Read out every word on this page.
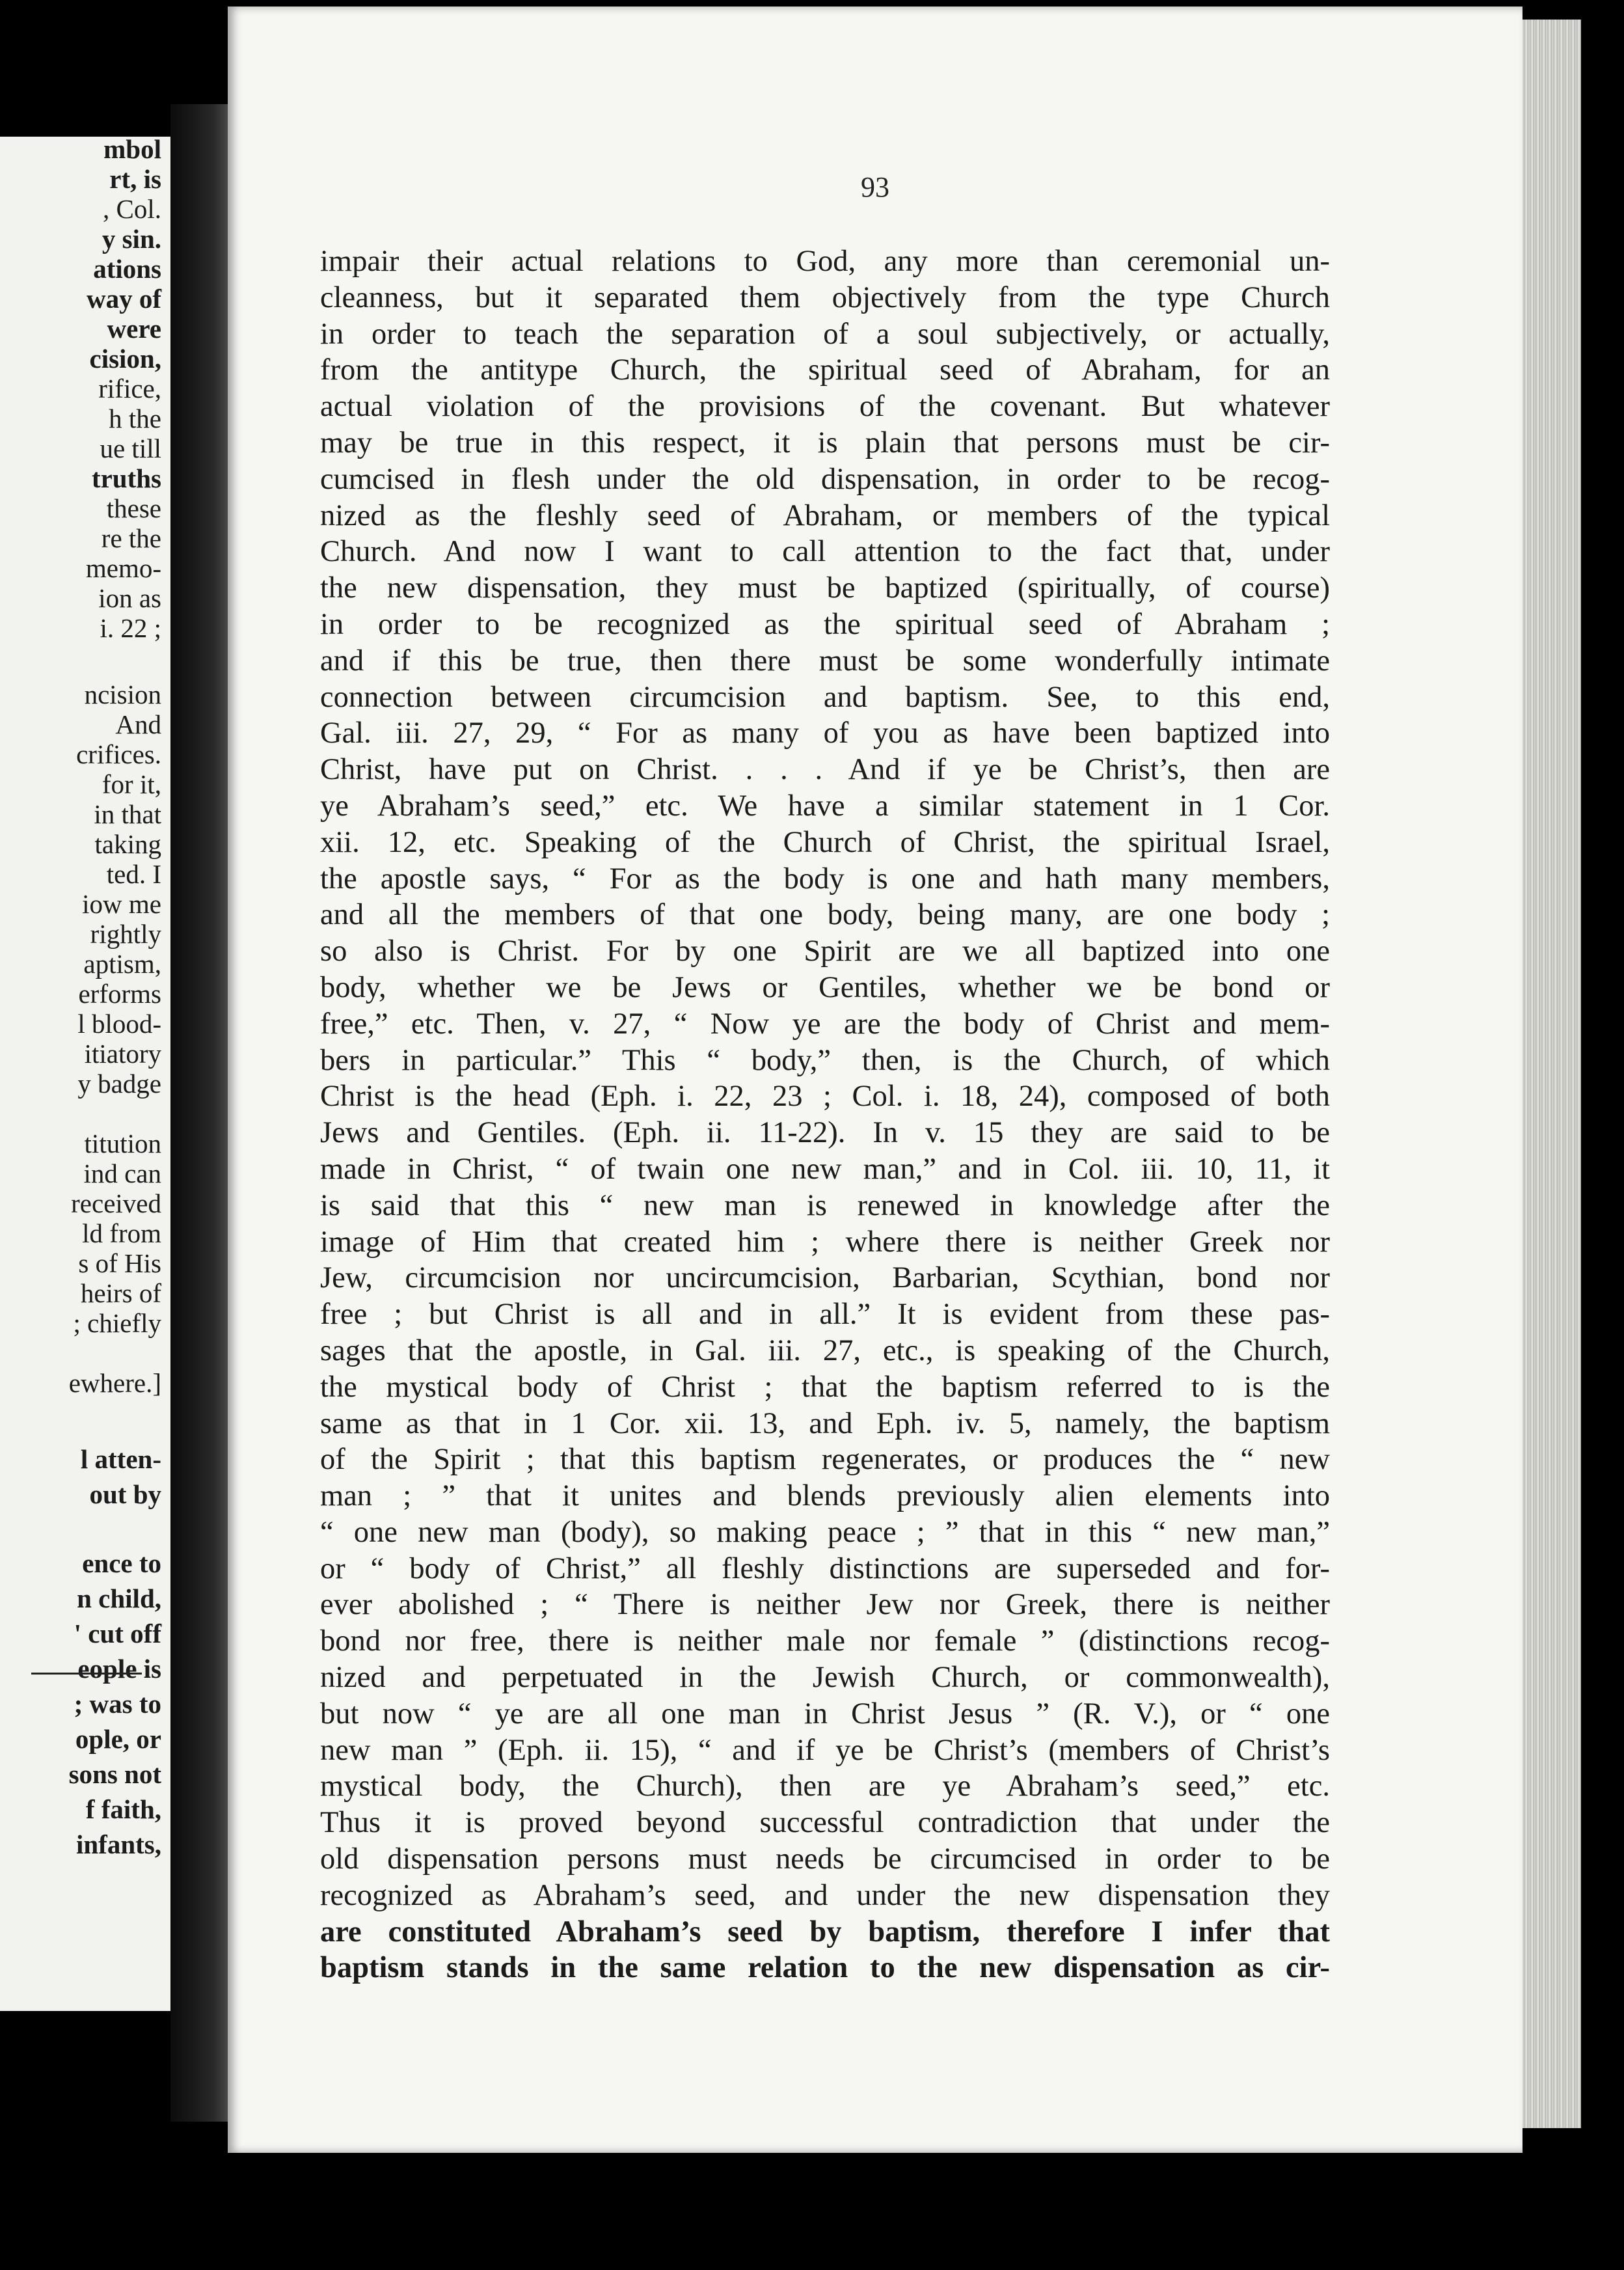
mbol
rt, is
, Col.
y sin.
ations
way of
were
cision,
rifice,
h the
ue till
truths
these
re the
memo-
ion as
i. 22 ;
ncision
And
crifices.
for it,
in that
taking
ted. I
iow me
rightly
aptism,
erforms
l blood-
itiatory
y badge
titution
ind can
received
ld from
s of His
heirs of
; chiefly
ewhere.]
l atten-
out by
ence to
n child,
' cut off
eople is
; was to
ople, or
sons not
f faith,
infants,
93
impair their actual relations to God, any more than ceremonial un-
cleanness, but it separated them objectively from the type Church
in order to teach the separation of a soul subjectively, or actually,
from the antitype Church, the spiritual seed of Abraham, for an
actual violation of the provisions of the covenant. But whatever
may be true in this respect, it is plain that persons must be cir-
cumcised in flesh under the old dispensation, in order to be recog-
nized as the fleshly seed of Abraham, or members of the typical
Church. And now I want to call attention to the fact that, under
the new dispensation, they must be baptized (spiritually, of course)
in order to be recognized as the spiritual seed of Abraham ;
and if this be true, then there must be some wonderfully intimate
connection between circumcision and baptism. See, to this end,
Gal. iii. 27, 29, “ For as many of you as have been baptized into
Christ, have put on Christ. . . . And if ye be Christ’s, then are
ye Abraham’s seed,” etc. We have a similar statement in 1 Cor.
xii. 12, etc. Speaking of the Church of Christ, the spiritual Israel,
the apostle says, “ For as the body is one and hath many members,
and all the members of that one body, being many, are one body ;
so also is Christ. For by one Spirit are we all baptized into one
body, whether we be Jews or Gentiles, whether we be bond or
free,” etc. Then, v. 27, “ Now ye are the body of Christ and mem-
bers in particular.” This “ body,” then, is the Church, of which
Christ is the head (Eph. i. 22, 23 ; Col. i. 18, 24), composed of both
Jews and Gentiles. (Eph. ii. 11-22). In v. 15 they are said to be
made in Christ, “ of twain one new man,” and in Col. iii. 10, 11, it
is said that this “ new man is renewed in knowledge after the
image of Him that created him ; where there is neither Greek nor
Jew, circumcision nor uncircumcision, Barbarian, Scythian, bond nor
free ; but Christ is all and in all.” It is evident from these pas-
sages that the apostle, in Gal. iii. 27, etc., is speaking of the Church,
the mystical body of Christ ; that the baptism referred to is the
same as that in 1 Cor. xii. 13, and Eph. iv. 5, namely, the baptism
of the Spirit ; that this baptism regenerates, or produces the “ new
man ; ” that it unites and blends previously alien elements into
“ one new man (body), so making peace ; ” that in this “ new man,”
or “ body of Christ,” all fleshly distinctions are superseded and for-
ever abolished ; “ There is neither Jew nor Greek, there is neither
bond nor free, there is neither male nor female ” (distinctions recog-
nized and perpetuated in the Jewish Church, or commonwealth),
but now “ ye are all one man in Christ Jesus ” (R. V.), or “ one
new man ” (Eph. ii. 15), “ and if ye be Christ’s (members of Christ’s
mystical body, the Church), then are ye Abraham’s seed,” etc.
Thus it is proved beyond successful contradiction that under the
old dispensation persons must needs be circumcised in order to be
recognized as Abraham’s seed, and under the new dispensation they
are constituted Abraham’s seed by baptism, therefore I infer that
baptism stands in the same relation to the new dispensation as cir-
